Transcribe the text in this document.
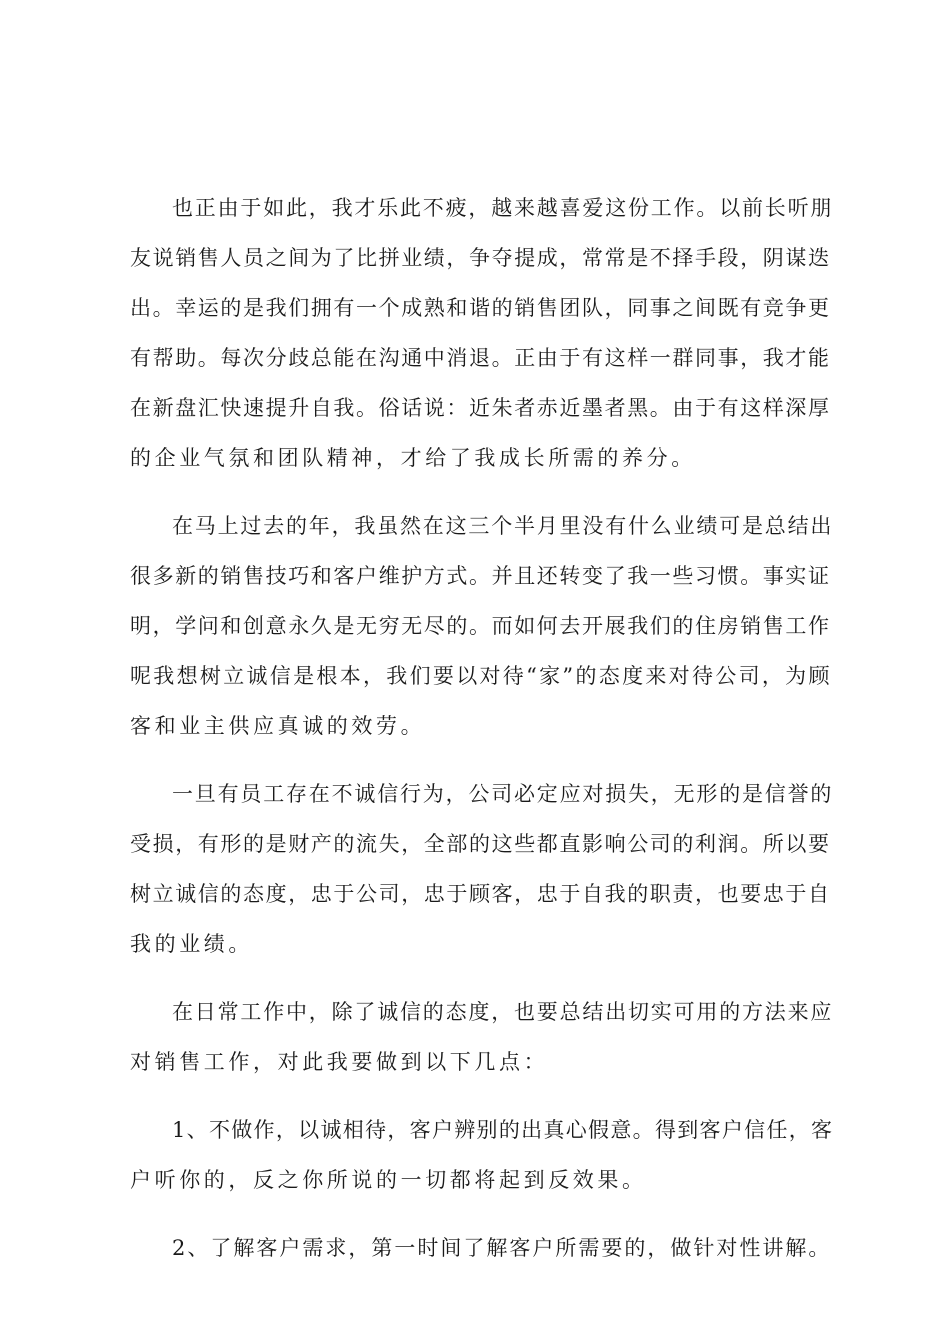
也正由于如此，我才乐此不疲，越来越喜爱这份工作。以前长听朋
友说销售人员之间为了比拼业绩，争夺提成，常常是不择手段，阴谋迭
出。幸运的是我们拥有一个成熟和谐的销售团队，同事之间既有竞争更
有帮助。每次分歧总能在沟通中消退。正由于有这样一群同事，我才能
在新盘汇快速提升自我。俗话说：近朱者赤近墨者黑。由于有这样深厚
的企业气氛和团队精神，才给了我成长所需的养分。

在马上过去的年，我虽然在这三个半月里没有什么业绩可是总结出
很多新的销售技巧和客户维护方式。并且还转变了我一些习惯。事实证
明，学问和创意永久是无穷无尽的。而如何去开展我们的住房销售工作
呢我想树立诚信是根本，我们要以对待“家”的态度来对待公司，为顾
客和业主供应真诚的效劳。

一旦有员工存在不诚信行为，公司必定应对损失，无形的是信誉的
受损，有形的是财产的流失，全部的这些都直影响公司的利润。所以要
树立诚信的态度，忠于公司，忠于顾客，忠于自我的职责，也要忠于自
我的业绩。

在日常工作中，除了诚信的态度，也要总结出切实可用的方法来应
对销售工作，对此我要做到以下几点：

1、不做作，以诚相待，客户辨别的出真心假意。得到客户信任，客
户听你的，反之你所说的一切都将起到反效果。

2、了解客户需求，第一时间了解客户所需要的，做针对性讲解。
